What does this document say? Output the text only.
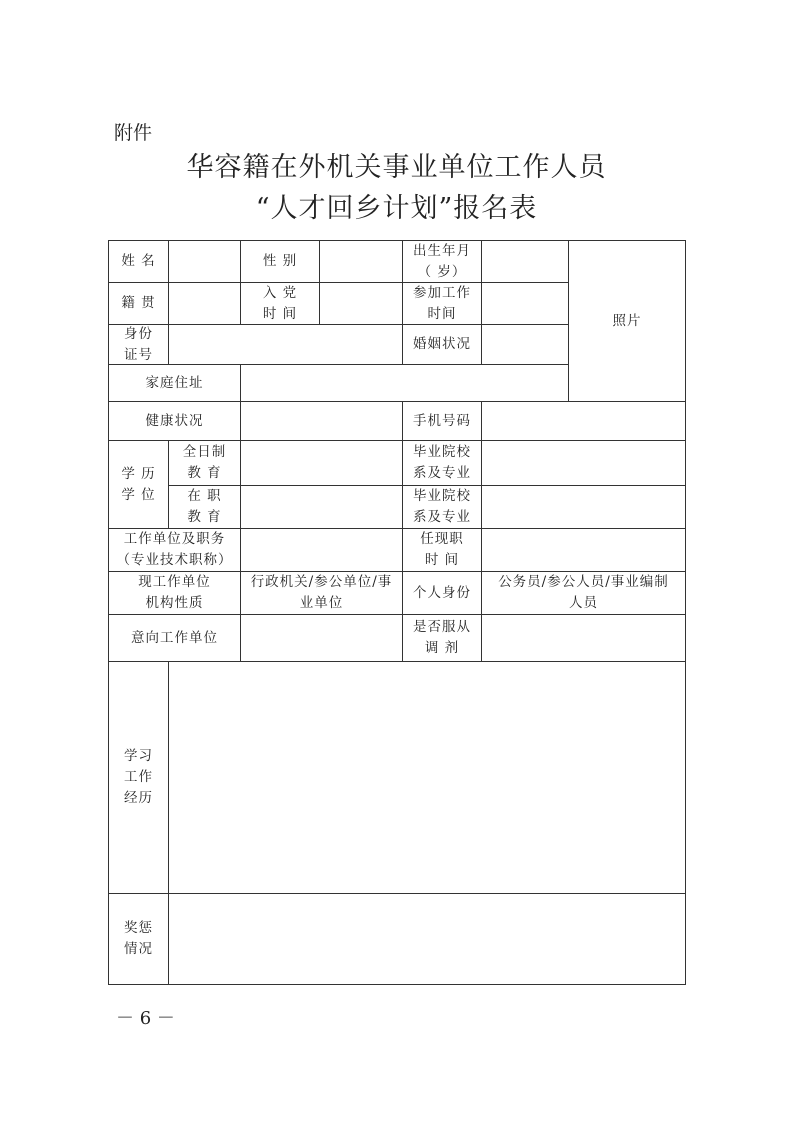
附件
华容籍在外机关事业单位工作人员
“人才回乡计划”报名表
姓 名	性 别
出生年月
（ 岁）
照片
籍 贯
入 党
时 间
参加工作
时间
身份
证号
婚姻状况
家庭住址
健康状况	手机号码
学 历
学 位
全日制
教 育
毕业院校
系及专业
在 职
教 育
毕业院校
系及专业
工作单位及职务
（专业技术职称）
任现职
时 间
现工作单位
机构性质
行政机关/参公单位/事
业单位
个人身份
公务员/参公人员/事业编制
人员
意向工作单位
是否服从
调 剂
学习
工作
经历
奖惩
情况
－ 6 －
